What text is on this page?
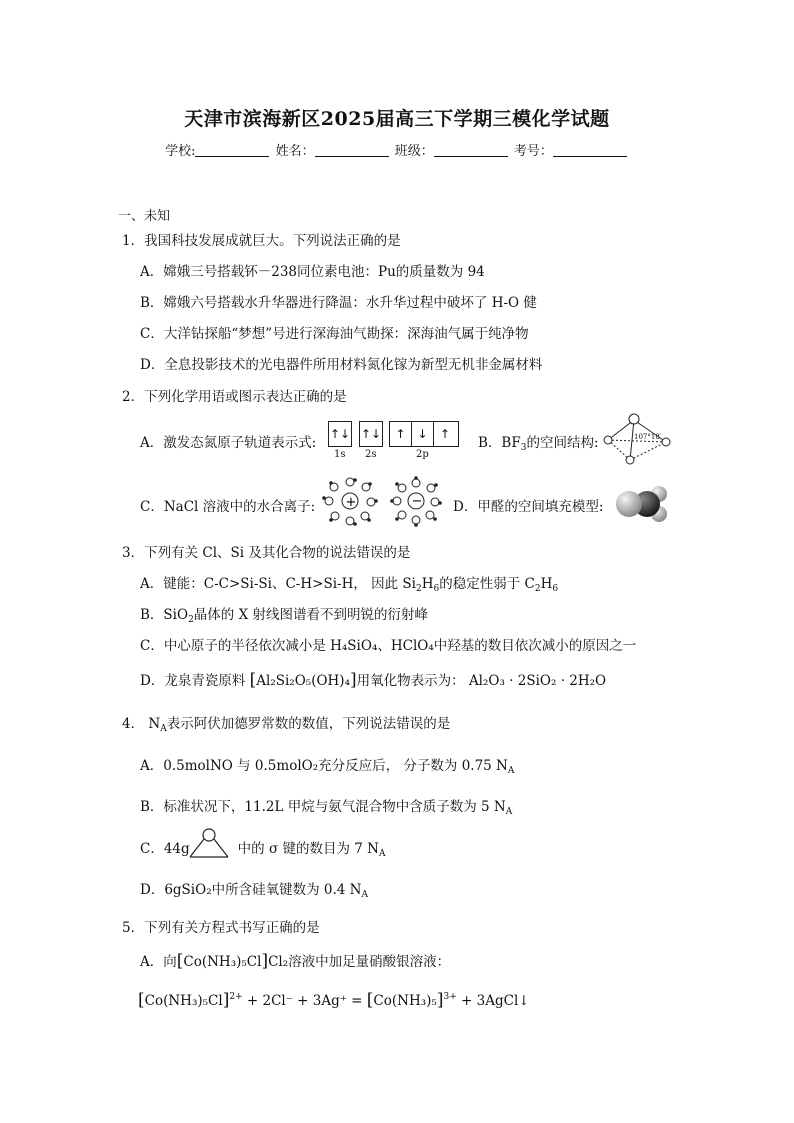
天津市滨海新区2025届高三下学期三模化学试题
学校:	姓名：	班级：	考号：
一、未知
1．我国科技发展成就巨大。下列说法正确的是
A．嫦娥三号搭载钚－238同位素电池：Pu的质量数为 94
B．嫦娥六号搭载水升华器进行降温：水升华过程中破坏了 H-O 健
C．大洋钻探船“梦想”号进行深海油气勘探：深海油气属于纯净物
D．全息投影技术的光电器件所用材料氮化镓为新型无机非金属材料
2．下列化学用语或图示表达正确的是
A．激发态氮原子轨道表示式:
↑↓ ↑↓	↑ ↓	↑
1s 2s	2p
B．$BF_3$的空间结构:	107°18′
C．NaCl 溶液中的水合离子: +	− D．甲醛的空间填充模型:
3．下列有关 Cl、Si 及其化合物的说法错误的是
A．键能：C-C>Si-Si、C-H>Si-H， 因此 $Si_2H_6$的稳定性弱于 $C_2H_6$
B．SiO$_2$晶体的 X 射线图谱看不到明锐的衍射峰
C．中心原子的半径依次减小是 H₄SiO₄、HClO₄中羟基的数目依次减小的原因之一
D．龙泉青瓷原料 [Al₂Si₂O₅(OH)₄]用氧化物表示为： Al₂O₃ · 2SiO₂ · 2H₂O
4． $N_A$表示阿伏加德罗常数的数值，下列说法错误的是
A．0.5molNO 与 0.5molO₂充分反应后， 分子数为 0.75 $N_A$
B．标准状况下，11.2L 甲烷与氨气混合物中含质子数为 5 $N_A$
C．44g	中的 σ 键的数目为 7 $N_A$
D．6gSiO₂中所含硅氧键数为 0.4 $N_A$
5．下列有关方程式书写正确的是
A．向[Co(NH₃)₅Cl]Cl₂溶液中加足量硝酸银溶液：
$[Co(NH_3)_5Cl]^{2+} + 2Cl^- + 3Ag^+ = [Co(NH_3)_5]^{3+}$ + 3AgCl↓
